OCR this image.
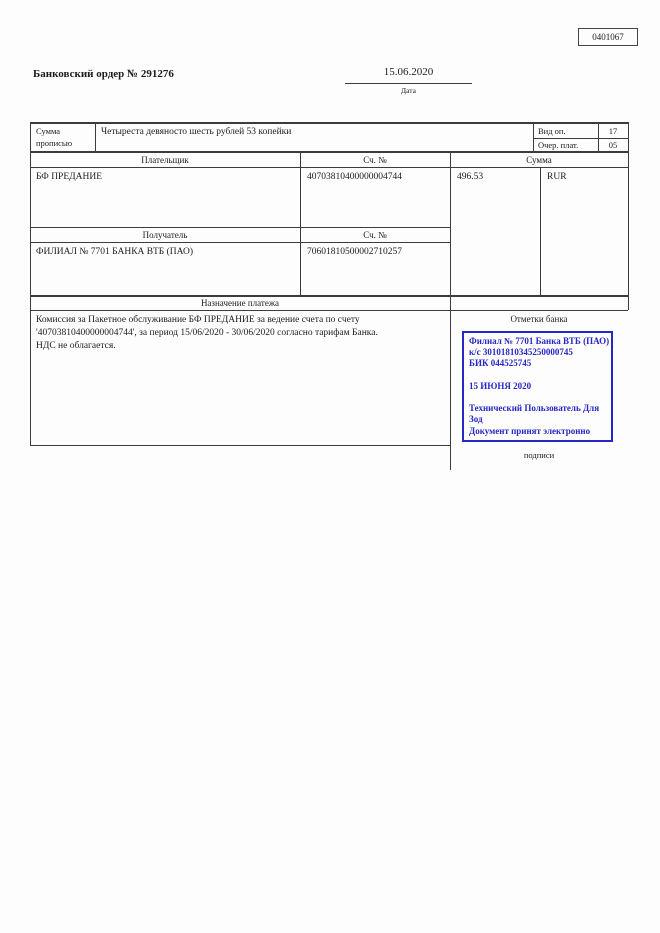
0401067
Банковский ордер № 291276	15.06.2020
Дата
Сумма
прописью
Четыреста девяносто шесть рублей 53 копейки	Вид оп.	17
Очер. плат.	05
Плательщик	Сч. №	Сумма
БФ ПРЕДАНИЕ	40703810400000004744	496.53	RUR
Получатель	Сч. №
ФИЛИАЛ № 7701 БАНКА ВТБ (ПАО)	70601810500002710257
Назначение платежа
Комиссия за Пакетное обслуживание БФ ПРЕДАНИЕ за ведение счета по счету
'40703810400000004744', за период 15/06/2020 - 30/06/2020 согласно тарифам Банка.
НДС не облагается.
Отметки банка
Филиал № 7701 Банка ВТБ (ПАО)
к/с 30101810345250000745
БИК 044525745
15 ИЮНЯ 2020
Технический Пользователь Для
Зод
Документ принят электронно
подписи
